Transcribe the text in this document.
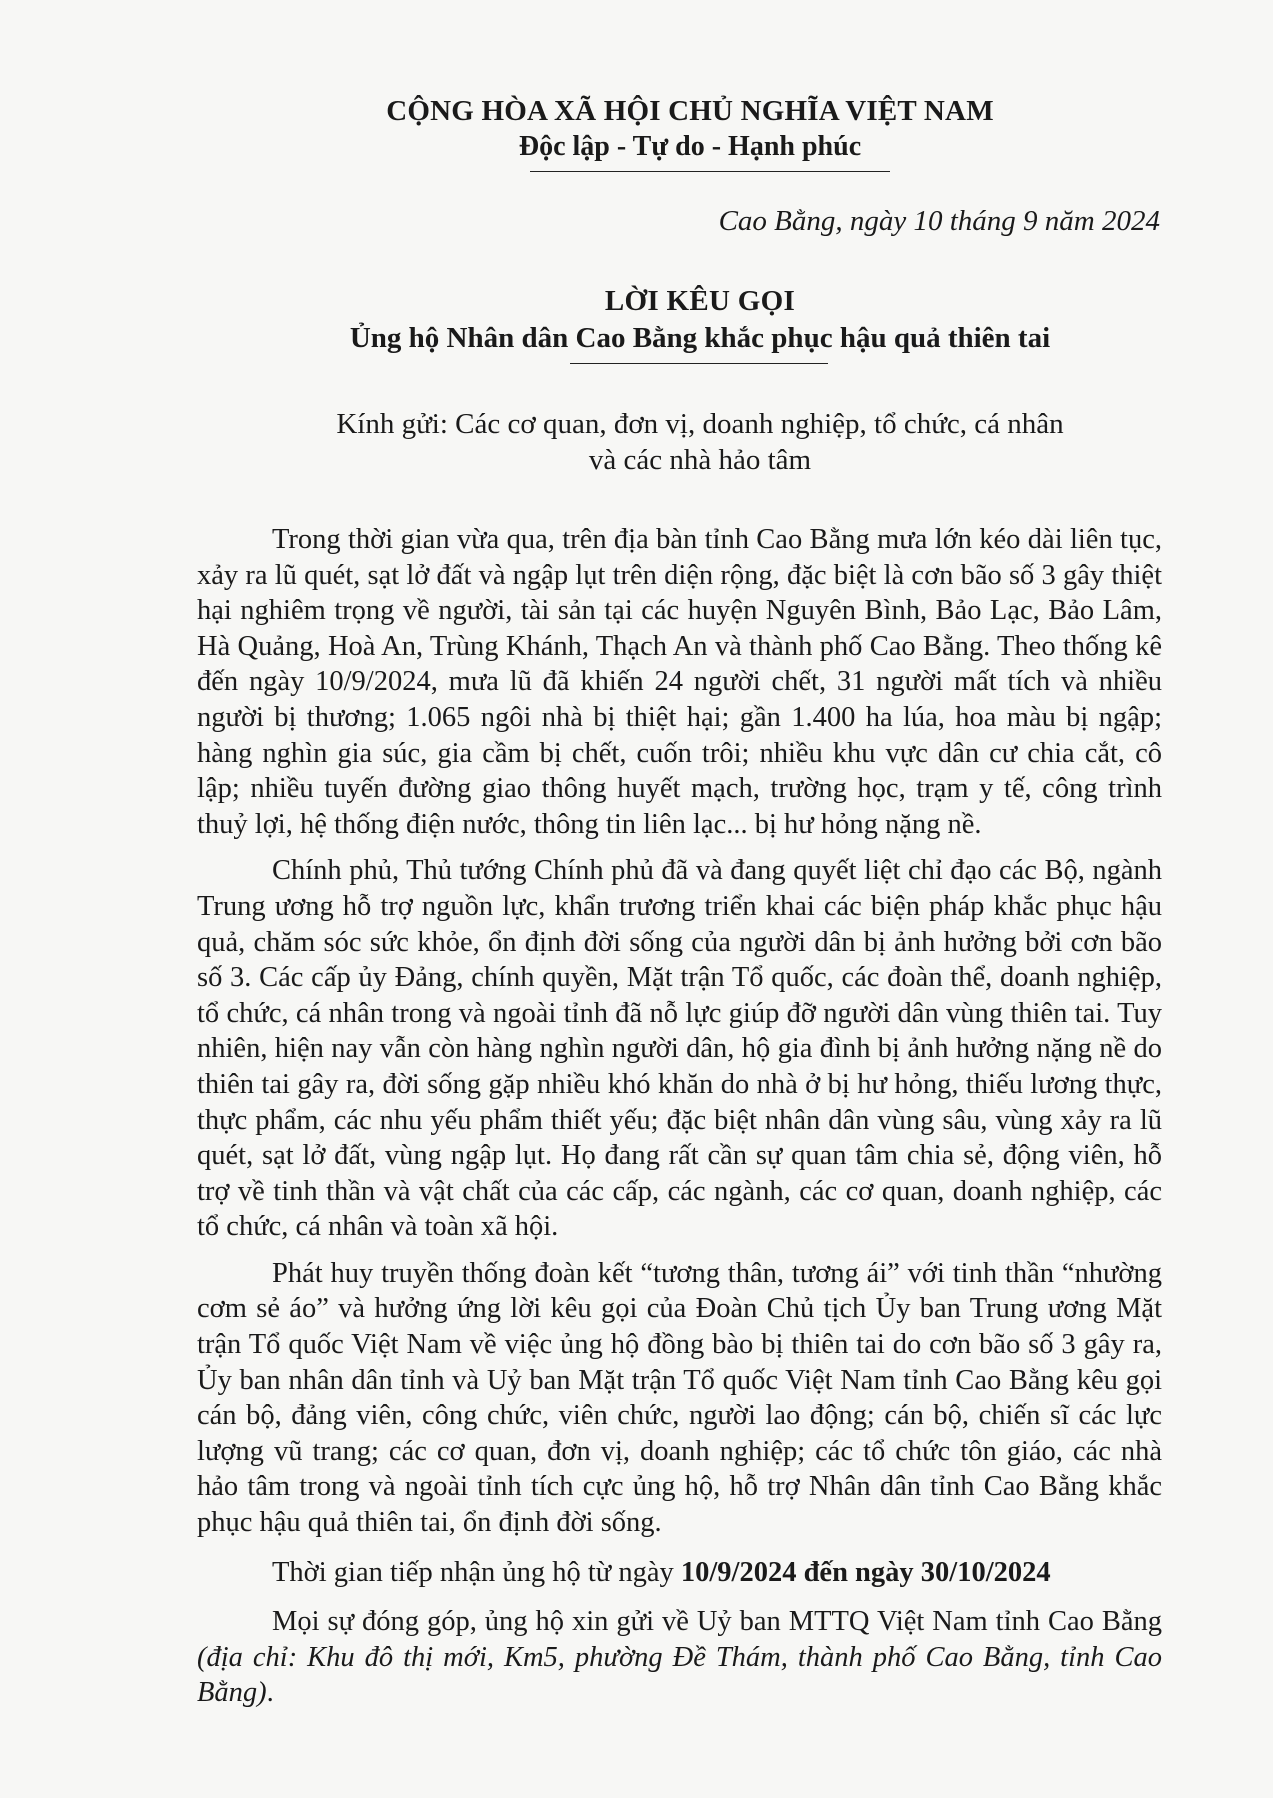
CỘNG HÒA XÃ HỘI CHỦ NGHĨA VIỆT NAM
Độc lập - Tự do - Hạnh phúc
Cao Bằng, ngày 10 tháng 9 năm 2024
LỜI KÊU GỌI
Ủng hộ Nhân dân Cao Bằng khắc phục hậu quả thiên tai
Kính gửi: Các cơ quan, đơn vị, doanh nghiệp, tổ chức, cá nhân
và các nhà hảo tâm

Trong thời gian vừa qua, trên địa bàn tỉnh Cao Bằng mưa lớn kéo dài liên tục, xảy ra lũ quét, sạt lở đất và ngập lụt trên diện rộng, đặc biệt là cơn bão số 3 gây thiệt hại nghiêm trọng về người, tài sản tại các huyện Nguyên Bình, Bảo Lạc, Bảo Lâm, Hà Quảng, Hoà An, Trùng Khánh, Thạch An và thành phố Cao Bằng. Theo thống kê đến ngày 10/9/2024, mưa lũ đã khiến 24 người chết, 31 người mất tích và nhiều người bị thương; 1.065 ngôi nhà bị thiệt hại; gần 1.400 ha lúa, hoa màu bị ngập; hàng nghìn gia súc, gia cầm bị chết, cuốn trôi; nhiều khu vực dân cư chia cắt, cô lập; nhiều tuyến đường giao thông huyết mạch, trường học, trạm y tế, công trình thuỷ lợi, hệ thống điện nước, thông tin liên lạc... bị hư hỏng nặng nề.

Chính phủ, Thủ tướng Chính phủ đã và đang quyết liệt chỉ đạo các Bộ, ngành Trung ương hỗ trợ nguồn lực, khẩn trương triển khai các biện pháp khắc phục hậu quả, chăm sóc sức khỏe, ổn định đời sống của người dân bị ảnh hưởng bởi cơn bão số 3. Các cấp ủy Đảng, chính quyền, Mặt trận Tổ quốc, các đoàn thể, doanh nghiệp, tổ chức, cá nhân trong và ngoài tỉnh đã nỗ lực giúp đỡ người dân vùng thiên tai. Tuy nhiên, hiện nay vẫn còn hàng nghìn người dân, hộ gia đình bị ảnh hưởng nặng nề do thiên tai gây ra, đời sống gặp nhiều khó khăn do nhà ở bị hư hỏng, thiếu lương thực, thực phẩm, các nhu yếu phẩm thiết yếu; đặc biệt nhân dân vùng sâu, vùng xảy ra lũ quét, sạt lở đất, vùng ngập lụt. Họ đang rất cần sự quan tâm chia sẻ, động viên, hỗ trợ về tinh thần và vật chất của các cấp, các ngành, các cơ quan, doanh nghiệp, các tổ chức, cá nhân và toàn xã hội.

Phát huy truyền thống đoàn kết “tương thân, tương ái” với tinh thần “nhường cơm sẻ áo” và hưởng ứng lời kêu gọi của Đoàn Chủ tịch Ủy ban Trung ương Mặt trận Tổ quốc Việt Nam về việc ủng hộ đồng bào bị thiên tai do cơn bão số 3 gây ra, Ủy ban nhân dân tỉnh và Uỷ ban Mặt trận Tổ quốc Việt Nam tỉnh Cao Bằng kêu gọi cán bộ, đảng viên, công chức, viên chức, người lao động; cán bộ, chiến sĩ các lực lượng vũ trang; các cơ quan, đơn vị, doanh nghiệp; các tổ chức tôn giáo, các nhà hảo tâm trong và ngoài tỉnh tích cực ủng hộ, hỗ trợ Nhân dân tỉnh Cao Bằng khắc phục hậu quả thiên tai, ổn định đời sống.

Thời gian tiếp nhận ủng hộ từ ngày 10/9/2024 đến ngày 30/10/2024

Mọi sự đóng góp, ủng hộ xin gửi về Uỷ ban MTTQ Việt Nam tỉnh Cao Bằng (địa chỉ: Khu đô thị mới, Km5, phường Đề Thám, thành phố Cao Bằng, tỉnh Cao Bằng).
